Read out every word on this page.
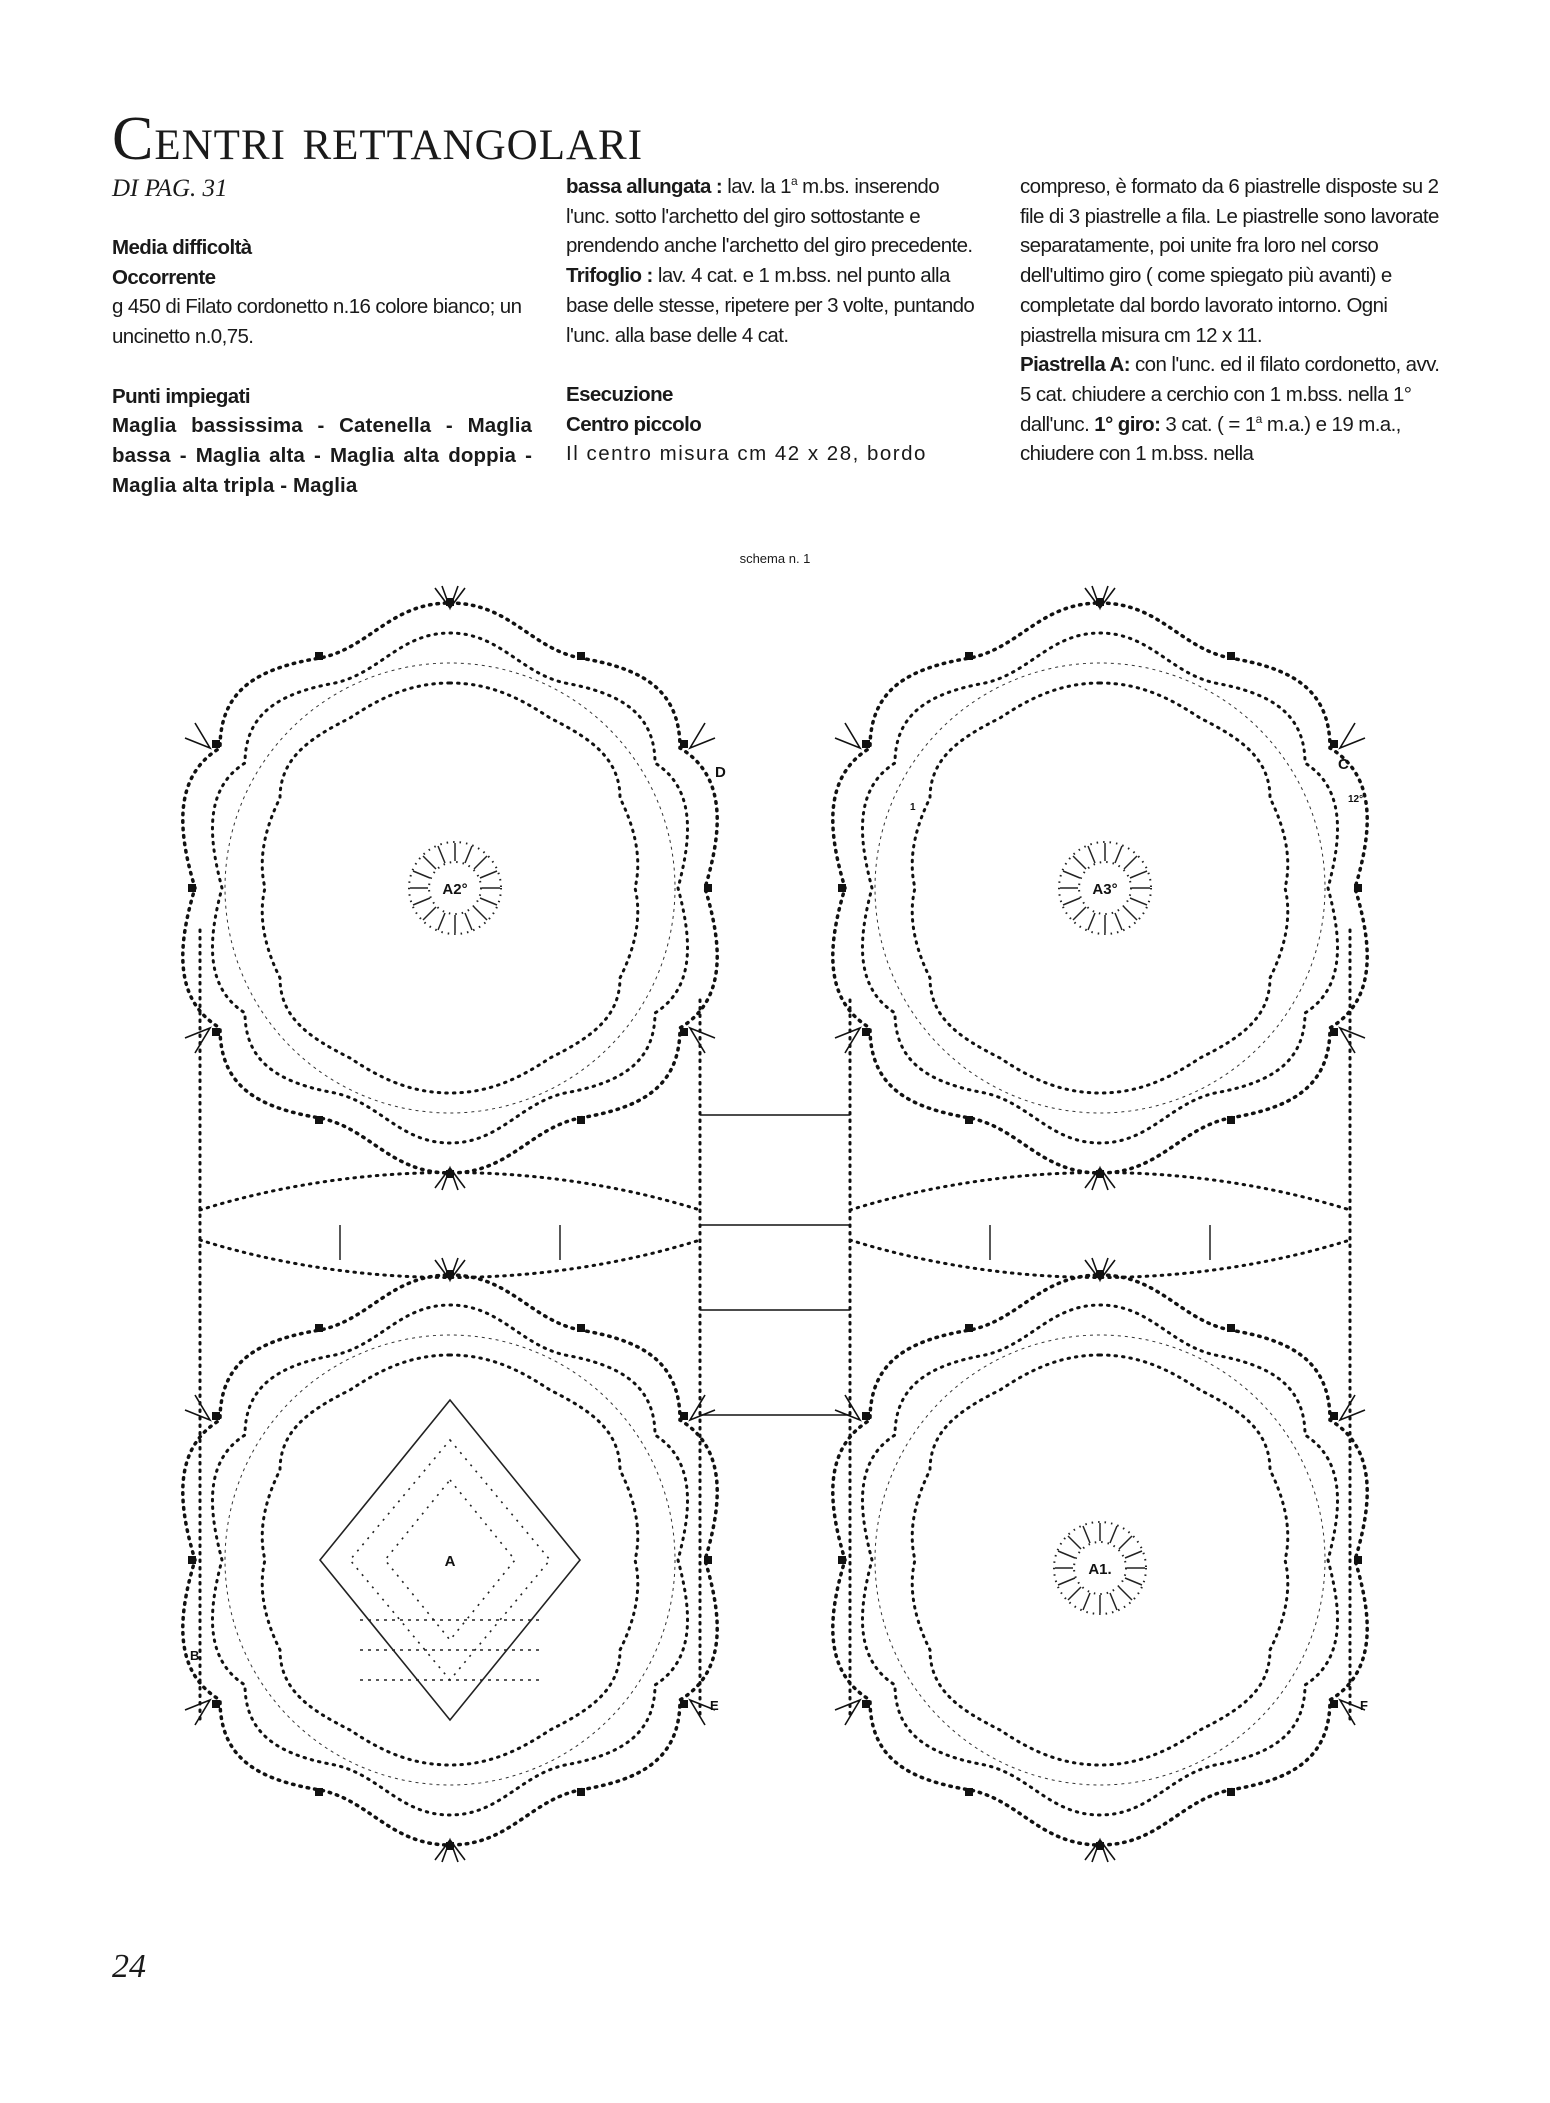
Centri rettangolari
DI PAG. 31

Media difficoltà

Occorrente

g 450 di Filato cordonetto n.16 colore bianco; un uncinetto n.0,75.

Punti impiegati

Maglia bassissima - Catenella - Maglia bassa - Maglia alta - Maglia alta doppia - Maglia alta tripla - Maglia

bassa allungata : lav. la 1$^a$ m.bs. inserendo l'unc. sotto l'archetto del giro sottostante e prendendo anche l'archetto del giro precedente.

Trifoglio : lav. 4 cat. e 1 m.bss. nel punto alla base delle stesse, ripetere per 3 volte, puntando l'unc. alla base delle 4 cat.

Esecuzione

Centro piccolo

Il centro misura cm 42 x 28, bordo

compreso, è formato da 6 piastrelle disposte su 2 file di 3 piastrelle a fila. Le piastrelle sono lavorate separatamente, poi unite fra loro nel corso dell'ultimo giro ( come spiegato più avanti) e completate dal bordo lavorato intorno. Ogni piastrella misura cm 12 x 11.

Piastrella A: con l'unc. ed il filato cordonetto, avv. 5 cat. chiudere a cerchio con 1 m.bss. nella 1° dall'unc. 1° giro: 3 cat. ( = $1^a$ m.a.) e 19 m.a., chiudere con 1 m.bss. nella

schema n. 1
A2°	A3°
A	A1.
D	C
B
E	F
12°
1
24
